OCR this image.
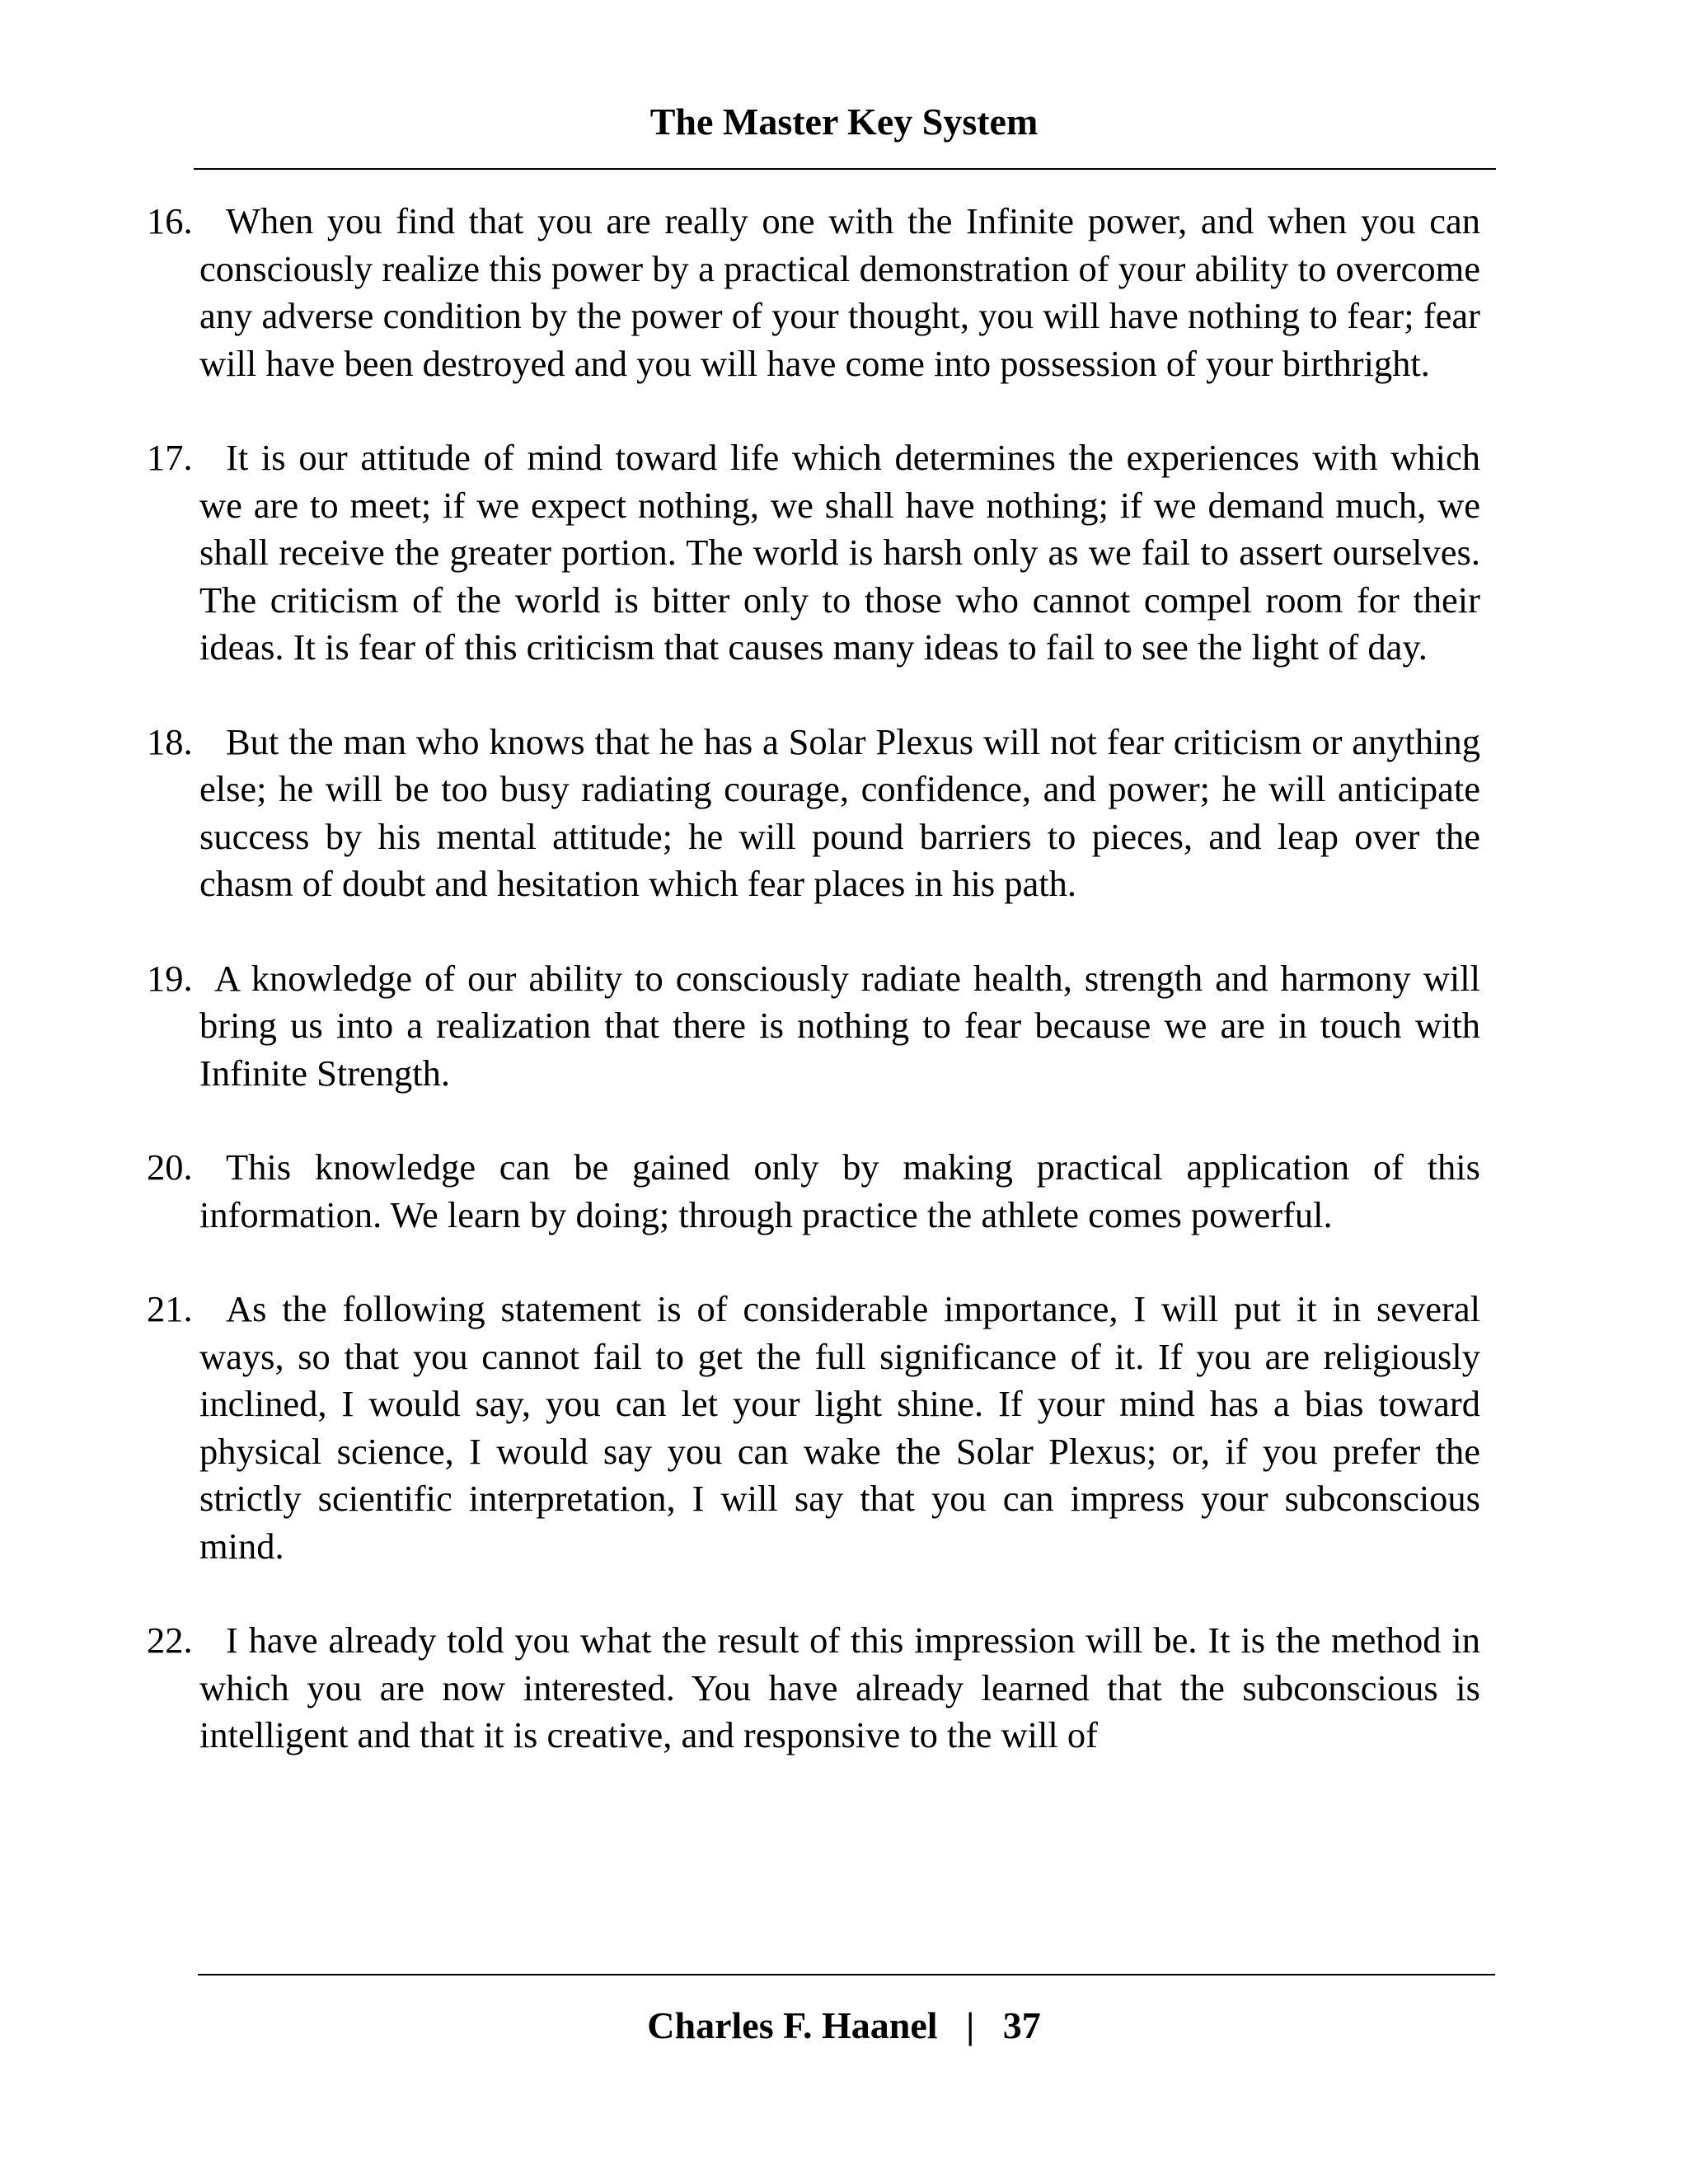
The Master Key System
16. When you find that you are really one with the Infinite power, and when you can consciously realize this power by a practical demonstration of your ability to overcome any adverse condition by the power of your thought, you will have nothing to fear; fear will have been destroyed and you will have come into possession of your birthright.
17. It is our attitude of mind toward life which determines the experiences with which we are to meet; if we expect nothing, we shall have nothing; if we demand much, we shall receive the greater portion. The world is harsh only as we fail to assert ourselves. The criticism of the world is bitter only to those who cannot compel room for their ideas. It is fear of this criticism that causes many ideas to fail to see the light of day.
18. But the man who knows that he has a Solar Plexus will not fear criticism or anything else; he will be too busy radiating courage, confidence, and power; he will anticipate success by his mental attitude; he will pound barriers to pieces, and leap over the chasm of doubt and hesitation which fear places in his path.
19. A knowledge of our ability to consciously radiate health, strength and harmony will bring us into a realization that there is nothing to fear because we are in touch with Infinite Strength.
20. This knowledge can be gained only by making practical application of this information. We learn by doing; through practice the athlete comes powerful.
21. As the following statement is of considerable importance, I will put it in several ways, so that you cannot fail to get the full significance of it. If you are religiously inclined, I would say, you can let your light shine. If your mind has a bias toward physical science, I would say you can wake the Solar Plexus; or, if you prefer the strictly scientific interpretation, I will say that you can impress your subconscious mind.
22. I have already told you what the result of this impression will be. It is the method in which you are now interested. You have already learned that the subconscious is intelligent and that it is creative, and responsive to the will of
Charles F. Haanel | 37
